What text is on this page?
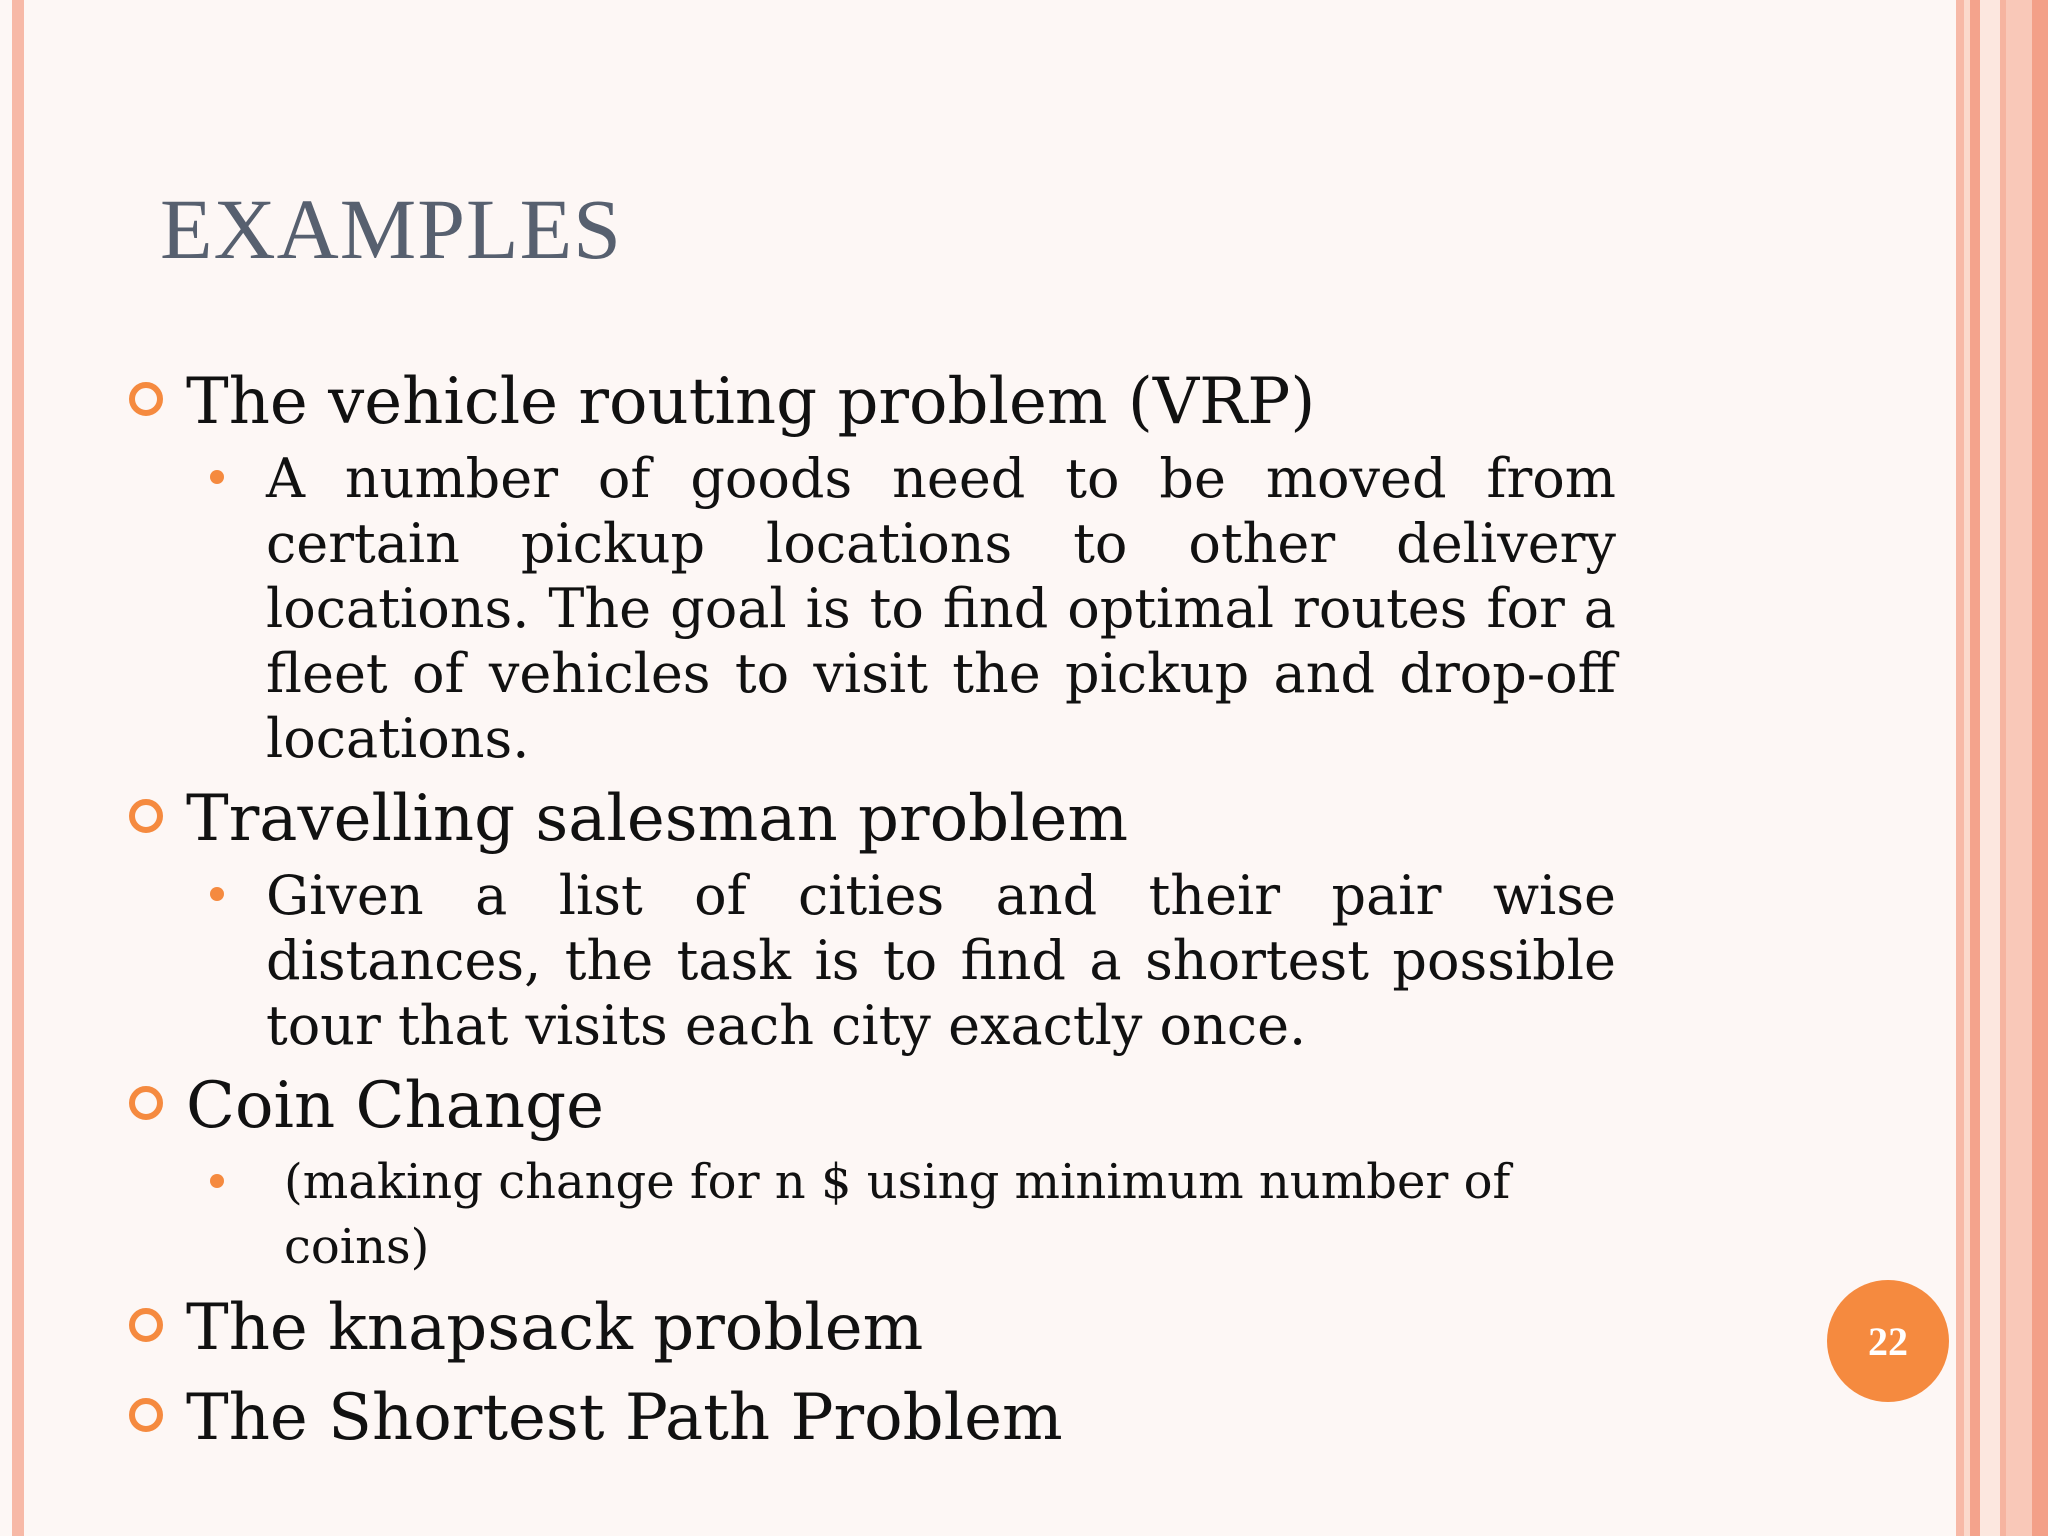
EXAMPLES
The vehicle routing problem (VRP)
A number of goods need to be moved from certain pickup locations to other delivery locations. The goal is to find optimal routes for a fleet of vehicles to visit the pickup and drop-off locations.
Travelling salesman problem
Given a list of cities and their pair wise distances, the task is to find a shortest possible tour that visits each city exactly once.
Coin Change
(making change for n $ using minimum number of coins)
The knapsack problem
The Shortest Path Problem
22
